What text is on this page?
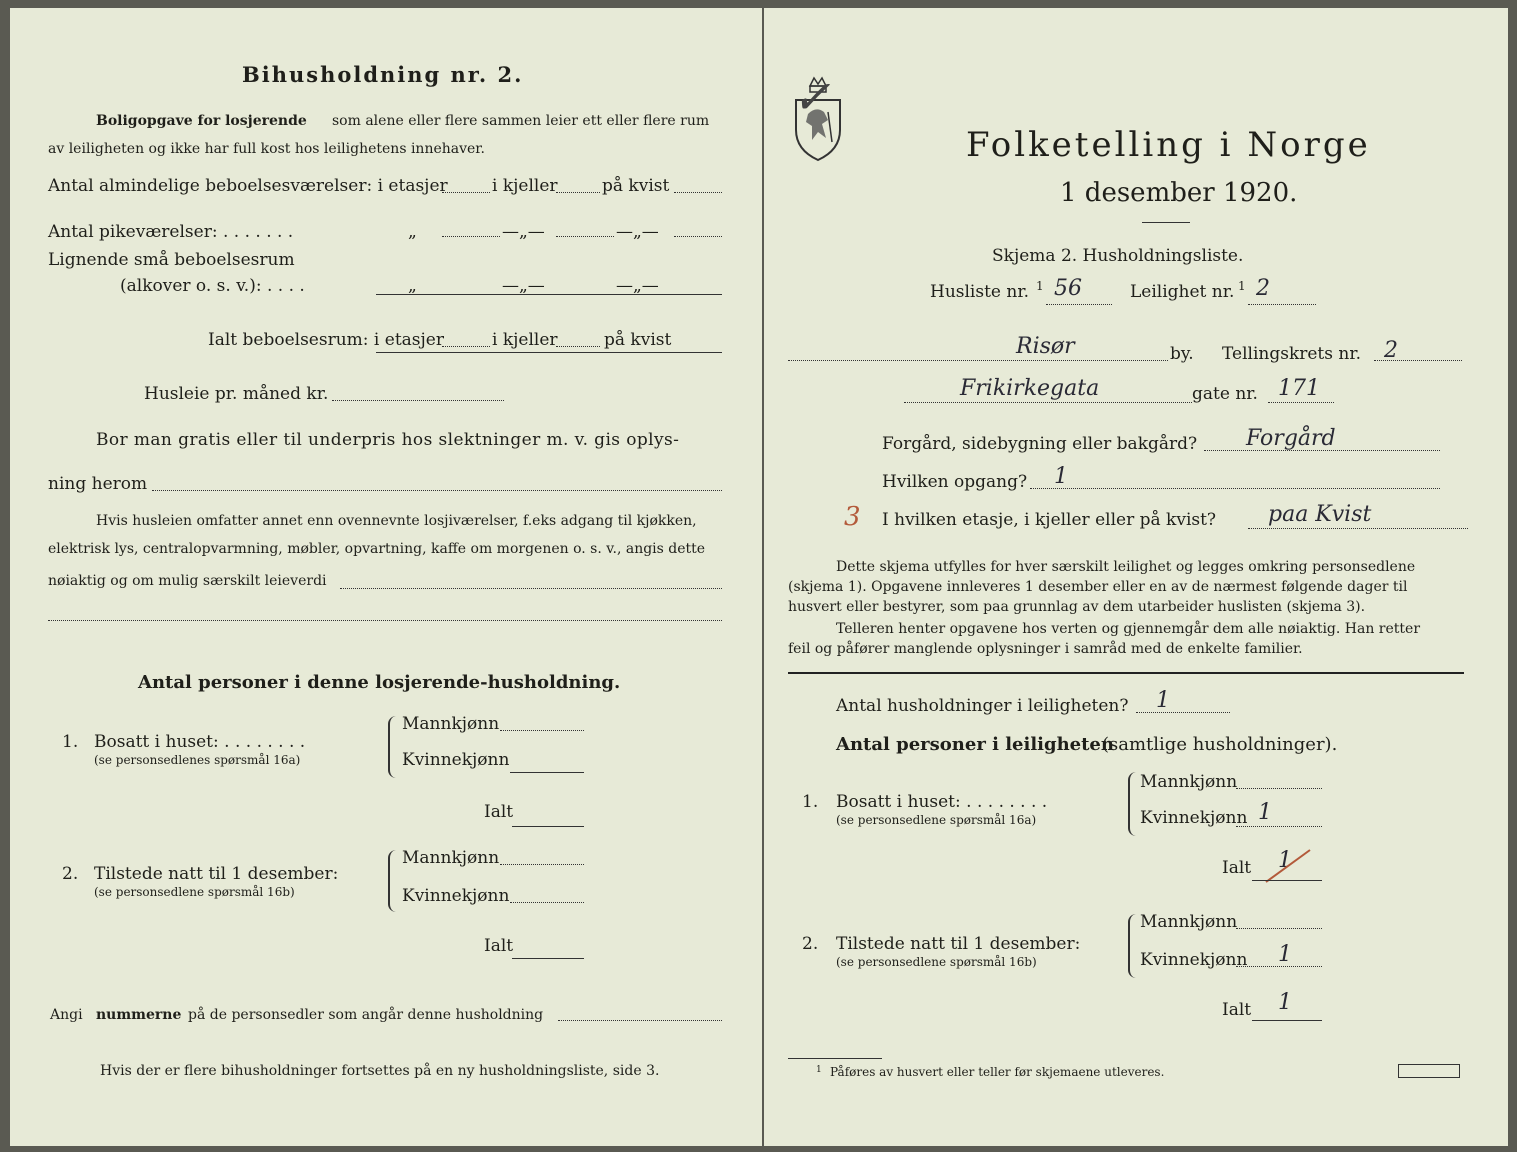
Bihusholdning nr. 2.
Boligopgave for losjerende som alene eller flere sammen leier ett eller flere rum
av leiligheten og ikke har full kost hos leilighetens innehaver.
Antal almindelige beboelsesværelser: i etasjer	i kjeller	på kvist
Antal pikeværelser: . . . . . . .	„	—„—	—„—
Lignende små beboelsesrum
(alkover o. s. v.): . . . .	„	—„—	—„—
Ialt beboelsesrum: i etasjer	i kjeller	på kvist
Husleie pr. måned kr.
Bor man gratis eller til underpris hos slektninger m. v. gis oplys-
ning herom
Hvis husleien omfatter annet enn ovennevnte losjiværelser, f.eks adgang til kjøkken,
elektrisk lys, centralopvarmning, møbler, opvartning, kaffe om morgenen o. s. v., angis dette
nøiaktig og om mulig særskilt leieverdi
Antal personer i denne losjerende-husholdning.
1. Bosatt i huset: . . . . . . . .
(se personsedlenes spørsmål 16a)
Mannkjønn
Kvinnekjønn
Ialt
2. Tilstede natt til 1 desember:
(se personsedlene spørsmål 16b)
Mannkjønn
Kvinnekjønn
Ialt
Angi nummerne på de personsedler som angår denne husholdning
Hvis der er flere bihusholdninger fortsettes på en ny husholdningsliste, side 3.
Folketelling i Norge
1 desember 1920.
✓
Skjema 2. Husholdningsliste.
Husliste nr. 1 56	Leilighet nr. 1 2
Risør	by. Tellingskrets nr. 2
Frikirkegata	gate nr. 171
Forgård, sidebygning eller bakgård? Forgård
Hvilken opgang? 1
3 I hvilken etasje, i kjeller eller på kvist? paa Kvist
Dette skjema utfylles for hver særskilt leilighet og legges omkring personsedlene
(skjema 1). Opgavene innleveres 1 desember eller en av de nærmest følgende dager til
husvert eller bestyrer, som paa grunnlag av dem utarbeider huslisten (skjema 3).
Telleren henter opgavene hos verten og gjennemgår dem alle nøiaktig. Han retter
feil og påfører manglende oplysninger i samråd med de enkelte familier.
Antal husholdninger i leiligheten? 1
Antal personer i leiligheten
(samtlige husholdninger).
1. Bosatt i huset: . . . . . . . .
(se personsedlene spørsmål 16a)
Mannkjønn
Kvinnekjønn 1
Ialt 1
2. Tilstede natt til 1 desember:
(se personsedlene spørsmål 16b)
Mannkjønn
Kvinnekjønn 1
Ialt 1
1 Påføres av husvert eller teller før skjemaene utleveres.
